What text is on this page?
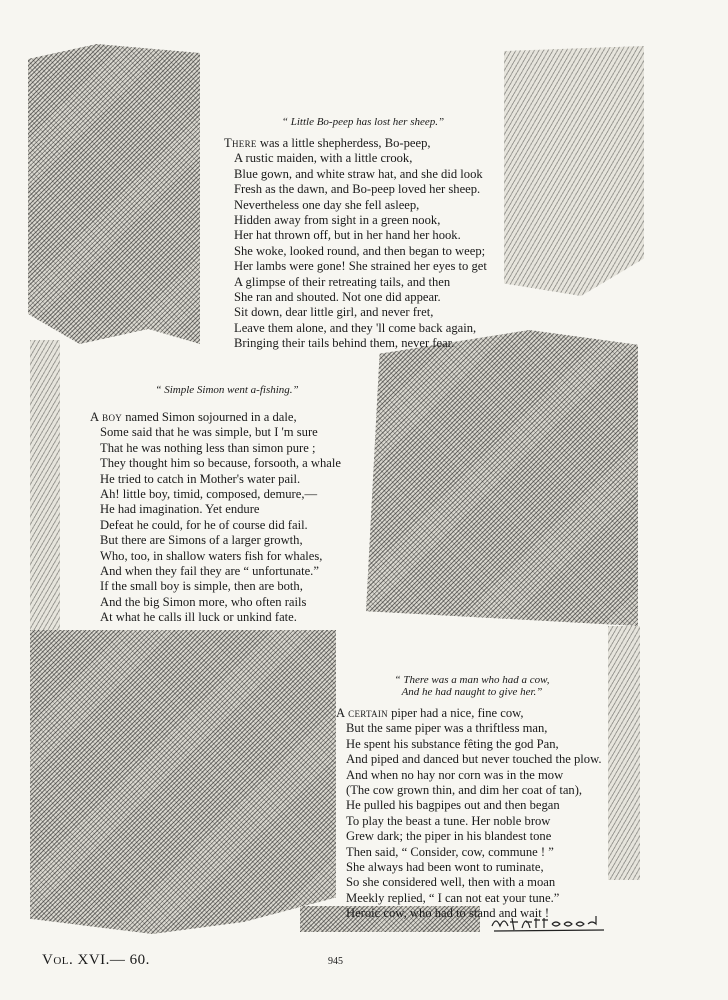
“ Little Bo-peep has lost her sheep.”
There was a little shepherdess, Bo-peep,
A rustic maiden, with a little crook,
Blue gown, and white straw hat, and she did look
Fresh as the dawn, and Bo-peep loved her sheep.
Nevertheless one day she fell asleep,
Hidden away from sight in a green nook,
Her hat thrown off, but in her hand her hook.
She woke, looked round, and then began to weep;
Her lambs were gone! She strained her eyes to get
A glimpse of their retreating tails, and then
She ran and shouted. Not one did appear.
Sit down, dear little girl, and never fret,
Leave them alone, and they 'll come back again,
Bringing their tails behind them, never fear.
“ Simple Simon went a-fishing.”
A boy named Simon sojourned in a dale,
Some said that he was simple, but I 'm sure
That he was nothing less than simon pure ;
They thought him so because, forsooth, a whale
He tried to catch in Mother's water pail.
Ah! little boy, timid, composed, demure,—
He had imagination. Yet endure
Defeat he could, for he of course did fail.
But there are Simons of a larger growth,
Who, too, in shallow waters fish for whales,
And when they fail they are “ unfortunate.”
If the small boy is simple, then are both,
And the big Simon more, who often rails
At what he calls ill luck or unkind fate.
“ There was a man who had a cow,
And he had naught to give her.”
A certain piper had a nice, fine cow,
But the same piper was a thriftless man,
He spent his substance fêting the god Pan,
And piped and danced but never touched the plow.
And when no hay nor corn was in the mow
(The cow grown thin, and dim her coat of tan),
He pulled his bagpipes out and then began
To play the beast a tune. Her noble brow
Grew dark; the piper in his blandest tone
Then said, “ Consider, cow, commune ! ”
She always had been wont to ruminate,
So she considered well, then with a moan
Meekly replied, “ I can not eat your tune.”
Heroic cow, who had to stand and wait !
Vol. XVI.— 60.	945
